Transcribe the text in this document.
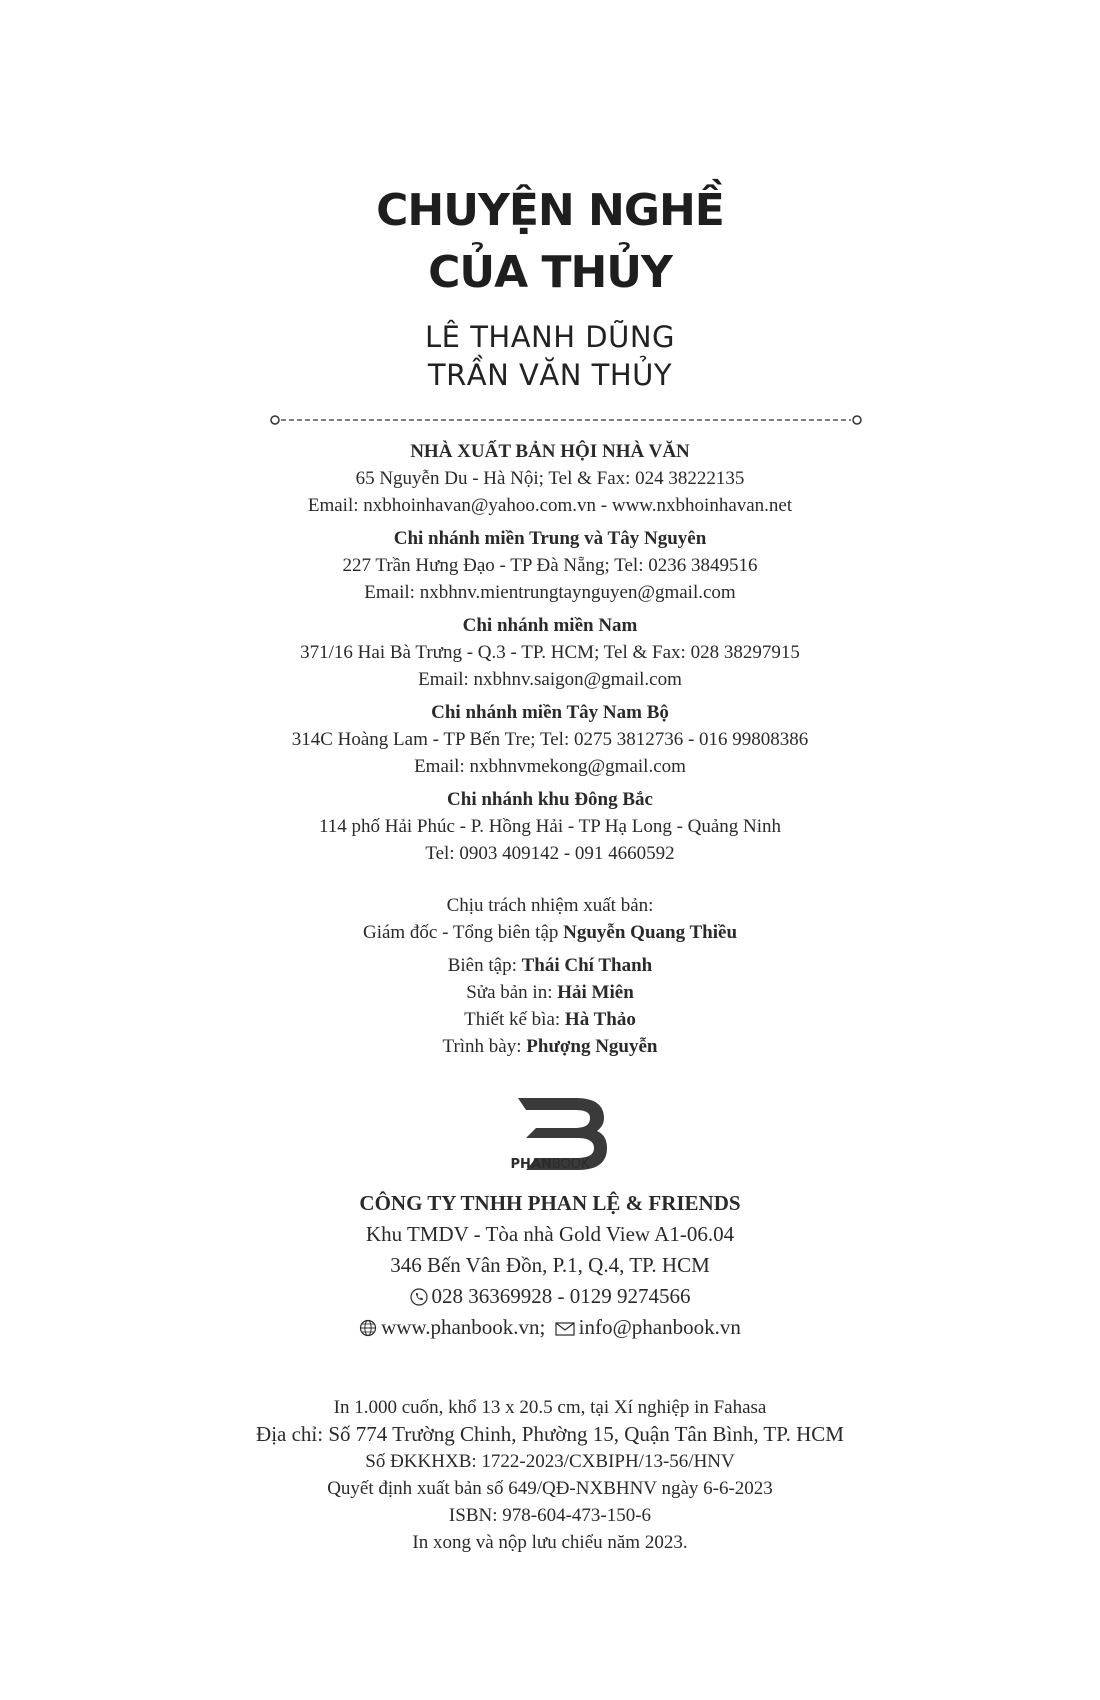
CHUYỆN NGHỀ
CỦA THỦY
LÊ THANH DŨNG
TRẦN VĂN THỦY
NHÀ XUẤT BẢN HỘI NHÀ VĂN
65 Nguyễn Du - Hà Nội; Tel & Fax: 024 38222135
Email: nxbhoinhavan@yahoo.com.vn - www.nxbhoinhavan.net
Chi nhánh miền Trung và Tây Nguyên
227 Trần Hưng Đạo - TP Đà Nẵng; Tel: 0236 3849516
Email: nxbhnv.mientrungtaynguyen@gmail.com
Chi nhánh miền Nam
371/16 Hai Bà Trưng - Q.3 - TP. HCM; Tel & Fax: 028 38297915
Email: nxbhnv.saigon@gmail.com
Chi nhánh miền Tây Nam Bộ
314C Hoàng Lam - TP Bến Tre; Tel: 0275 3812736 - 016 99808386
Email: nxbhnvmekong@gmail.com
Chi nhánh khu Đông Bắc
114 phố Hải Phúc - P. Hồng Hải - TP Hạ Long - Quảng Ninh
Tel: 0903 409142 - 091 4660592
Chịu trách nhiệm xuất bản:
Giám đốc - Tổng biên tập Nguyễn Quang Thiều
Biên tập: Thái Chí Thanh
Sửa bản in: Hải Miên
Thiết kế bìa: Hà Thảo
Trình bày: Phượng Nguyễn
PHANBOOK
CÔNG TY TNHH PHAN LỆ & FRIENDS
Khu TMDV - Tòa nhà Gold View A1-06.04
346 Bến Vân Đồn, P.1, Q.4, TP. HCM
028 36369928 - 0129 9274566
www.phanbook.vn; info@phanbook.vn
In 1.000 cuốn, khổ 13 x 20.5 cm, tại Xí nghiệp in Fahasa
Địa chỉ: Số 774 Trường Chinh, Phường 15, Quận Tân Bình, TP. HCM
Số ĐKKHXB: 1722-2023/CXBIPH/13-56/HNV
Quyết định xuất bản số 649/QĐ-NXBHNV ngày 6-6-2023
ISBN: 978-604-473-150-6
In xong và nộp lưu chiểu năm 2023.
